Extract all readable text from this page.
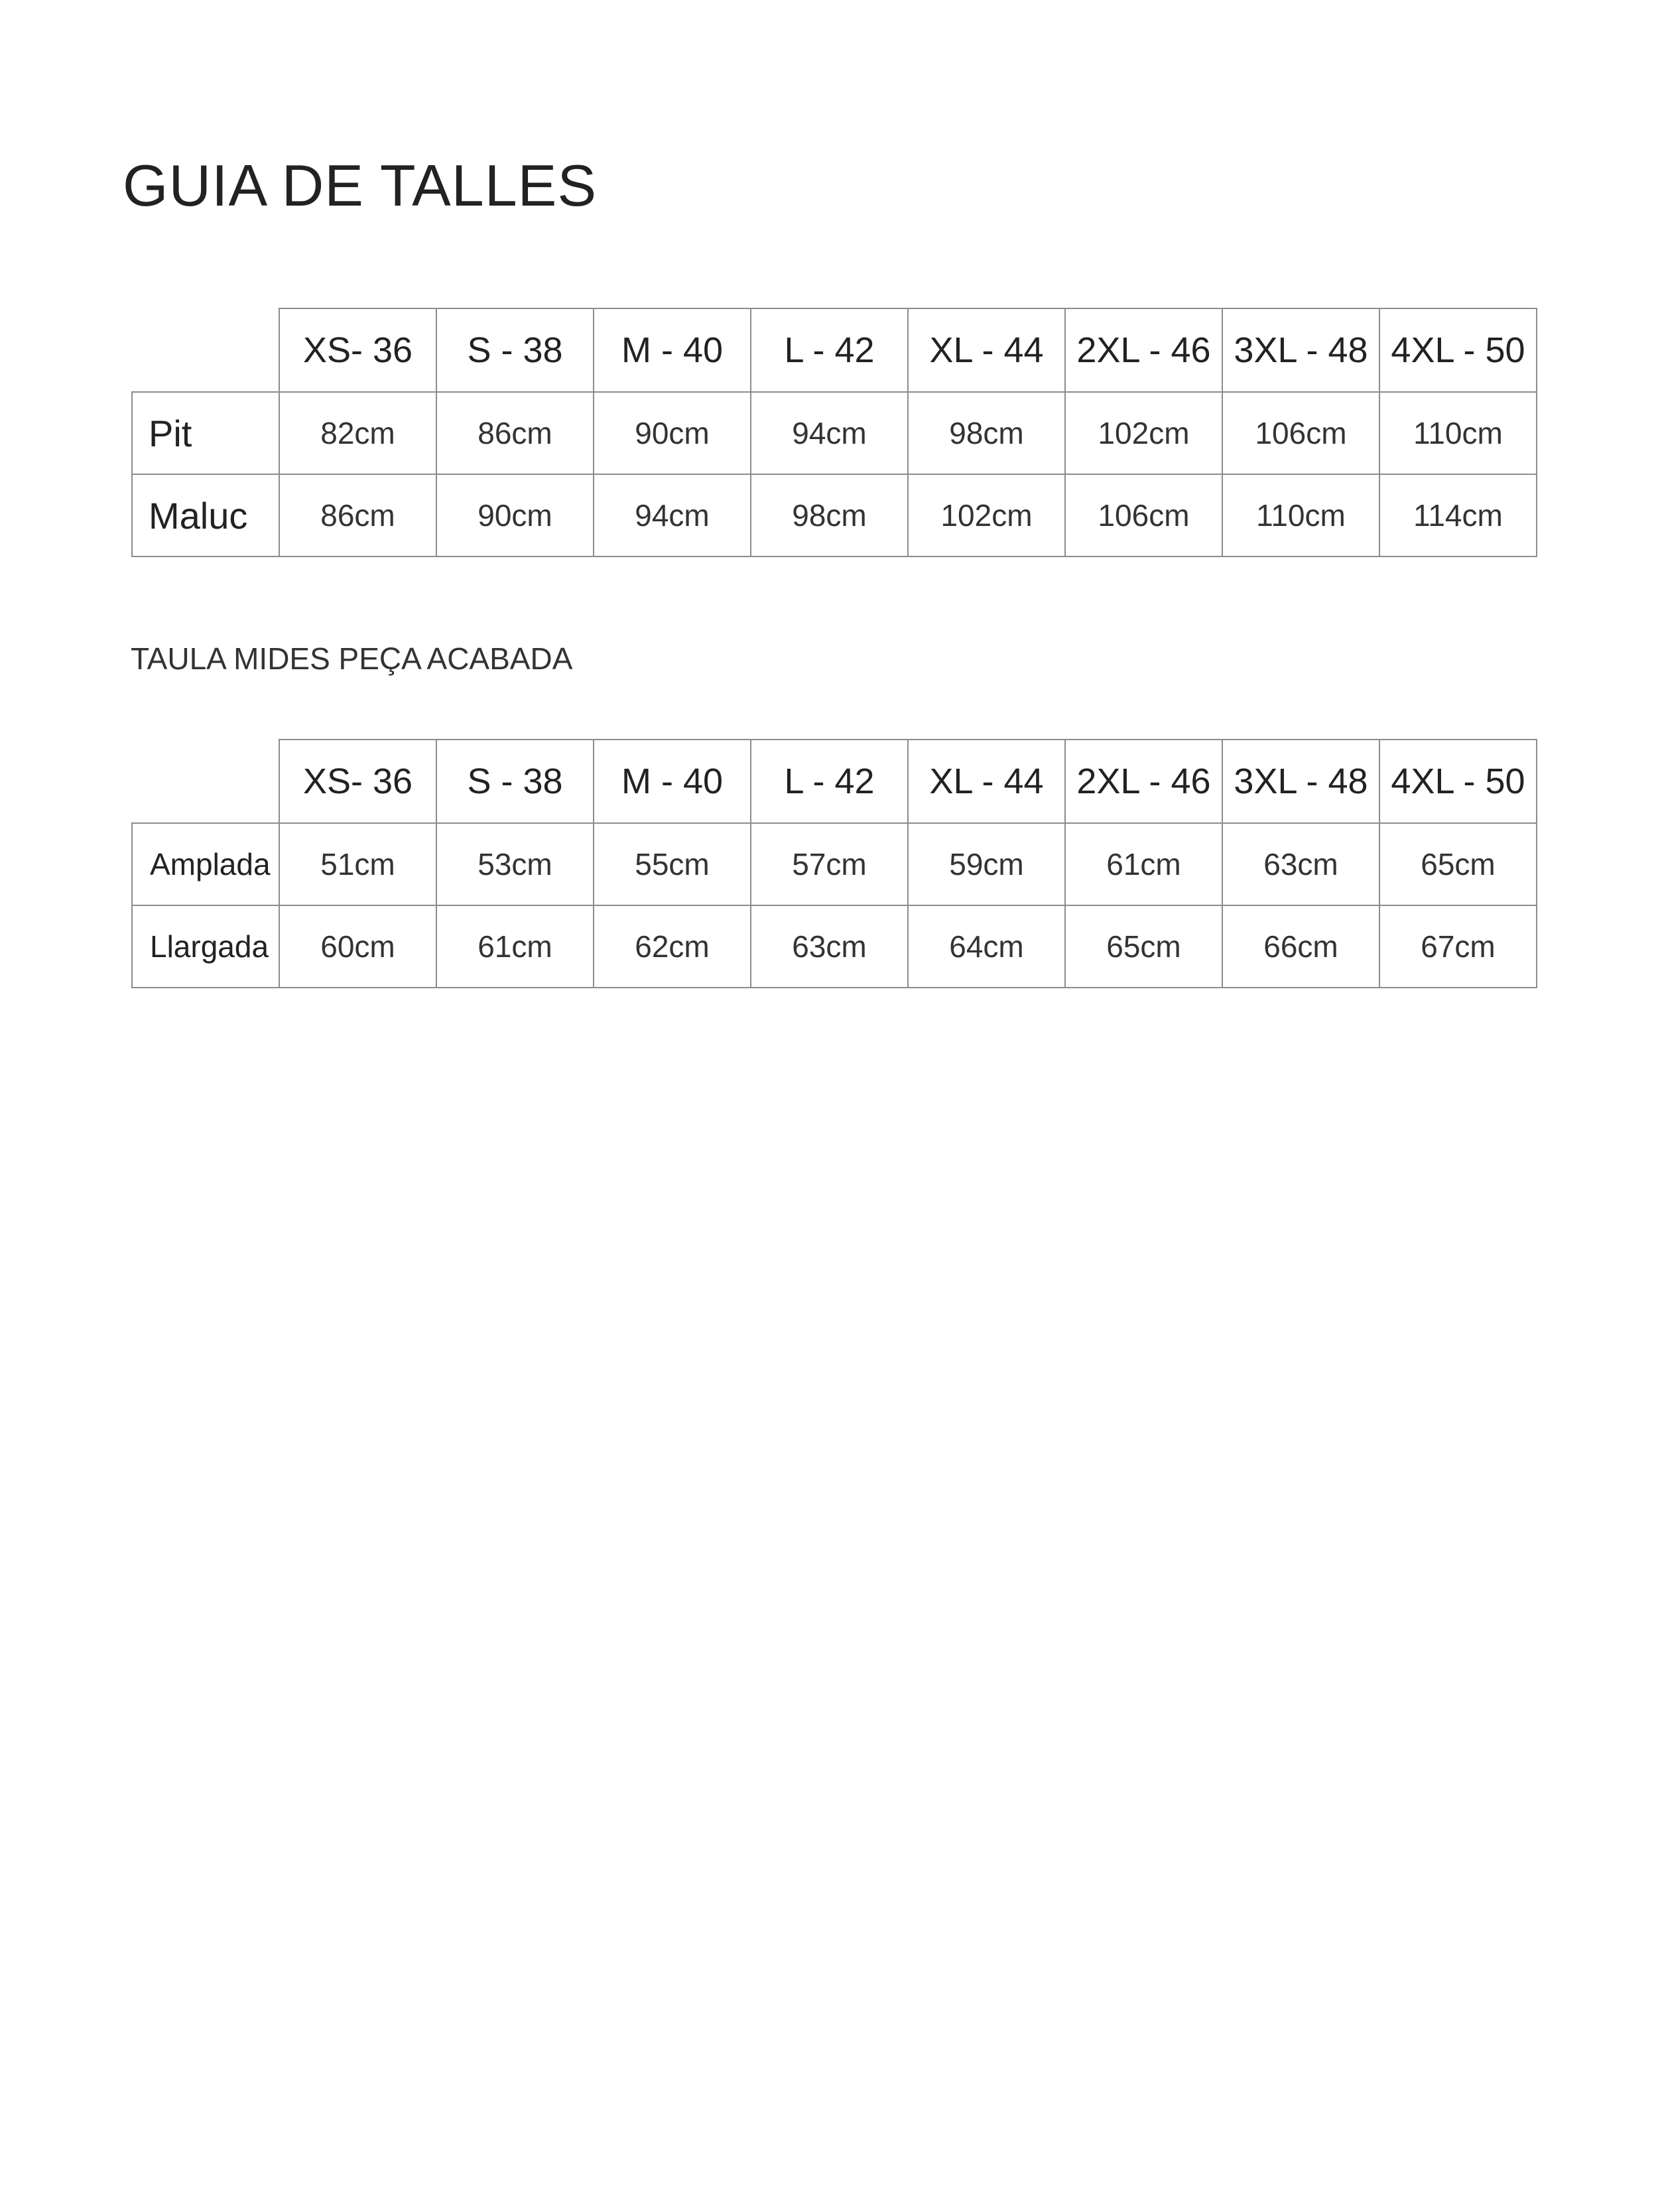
GUIA DE TALLES
	XS- 36	S - 38	M - 40	L - 42	XL - 44	2XL - 46	3XL - 48	4XL - 50
Pit	82cm	86cm	90cm	94cm	98cm	102cm	106cm	110cm
Maluc	86cm	90cm	94cm	98cm	102cm	106cm	110cm	114cm
TAULA MIDES PEÇA ACABADA
	XS- 36	S - 38	M - 40	L - 42	XL - 44	2XL - 46	3XL - 48	4XL - 50
Amplada	51cm	53cm	55cm	57cm	59cm	61cm	63cm	65cm
Llargada	60cm	61cm	62cm	63cm	64cm	65cm	66cm	67cm
